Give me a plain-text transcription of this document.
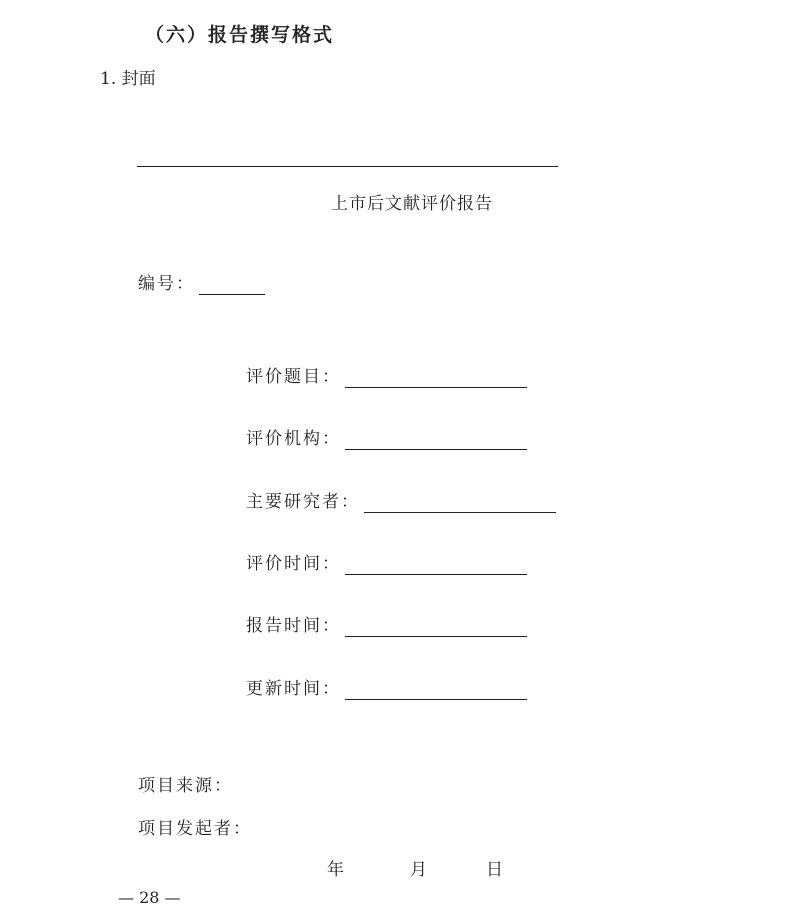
（六）报告撰写格式
1. 封面
上市后文献评价报告
编号：
评价题目：
评价机构：
主要研究者：
评价时间：
报告时间：
更新时间：
项目来源：
项目发起者：
年	月	日
— 28 —
